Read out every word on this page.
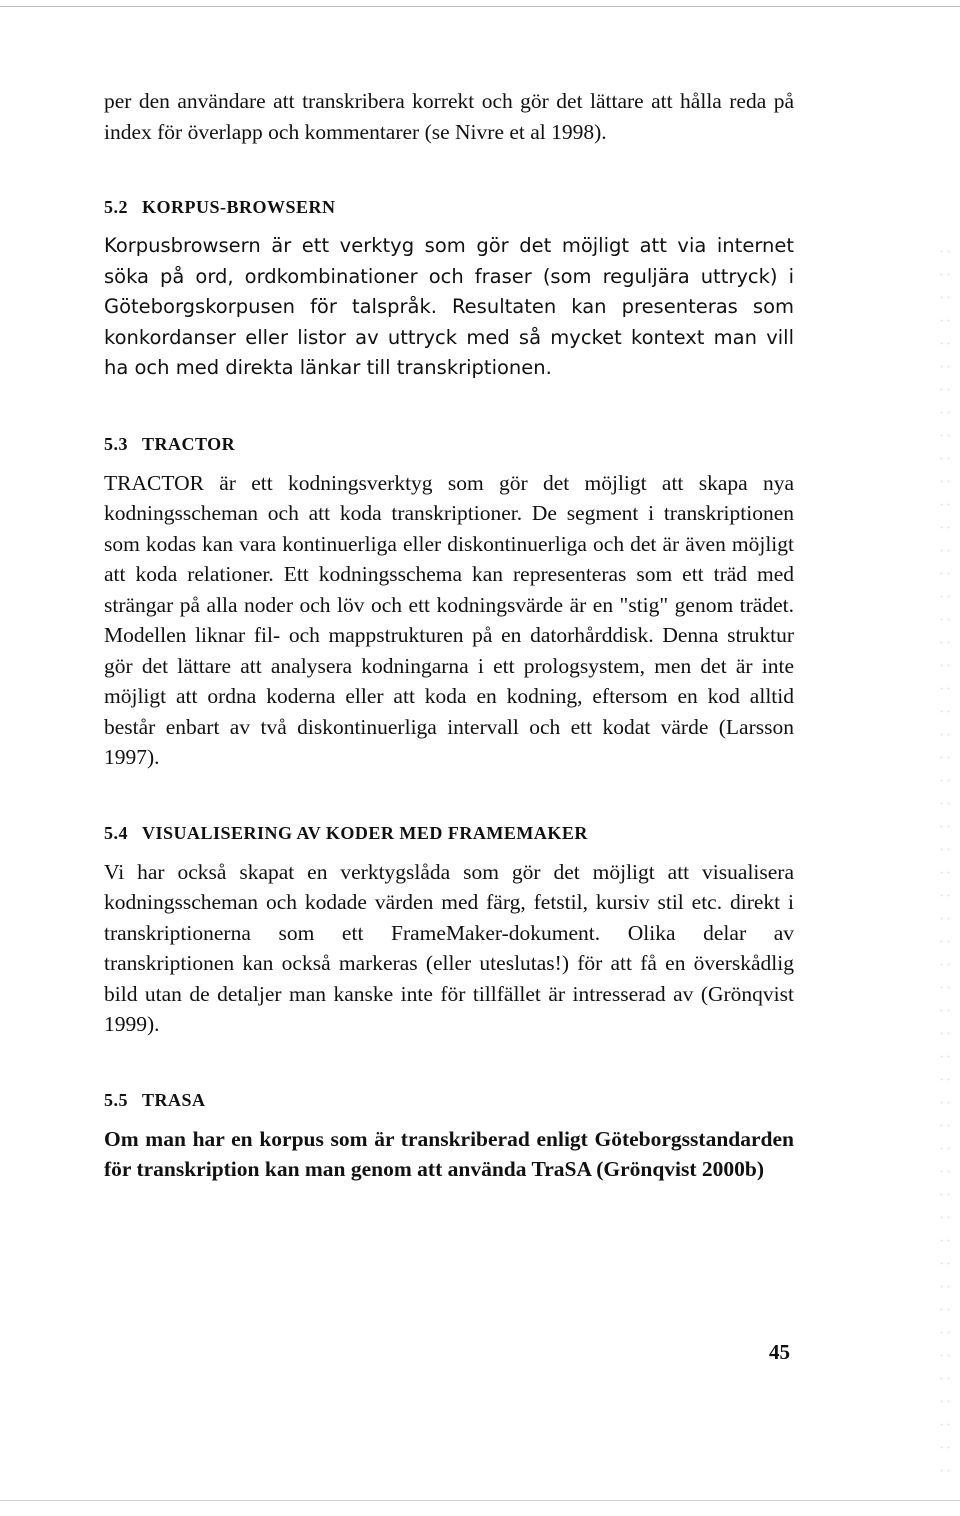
per den användare att transkribera korrekt och gör det lättare att hålla reda på index för överlapp och kommentarer (se Nivre et al 1998).

5.2 KORPUS-BROWSERN

Korpusbrowsern är ett verktyg som gör det möjligt att via internet söka på ord, ordkombinationer och fraser (som reguljära uttryck) i Göteborgskorpusen för talspråk. Resultaten kan presenteras som konkordanser eller listor av uttryck med så mycket kontext man vill ha och med direkta länkar till transkriptionen.

5.3 TRACTOR

TRACTOR är ett kodningsverktyg som gör det möjligt att skapa nya kodningsscheman och att koda transkriptioner. De segment i transkriptionen som kodas kan vara kontinuerliga eller diskontinuerliga och det är även möjligt att koda relationer. Ett kodningsschema kan representeras som ett träd med strängar på alla noder och löv och ett kodningsvärde är en "stig" genom trädet. Modellen liknar fil- och mappstrukturen på en datorhårddisk. Denna struktur gör det lättare att analysera kodningarna i ett prologsystem, men det är inte möjligt att ordna koderna eller att koda en kodning, eftersom en kod alltid består enbart av två diskontinuerliga intervall och ett kodat värde (Larsson 1997).

5.4 VISUALISERING AV KODER MED FRAMEMAKER

Vi har också skapat en verktygslåda som gör det möjligt att visualisera kodningsscheman och kodade värden med färg, fetstil, kursiv stil etc. direkt i transkriptionerna som ett FrameMaker-dokument. Olika delar av transkriptionen kan också markeras (eller uteslutas!) för att få en överskådlig bild utan de detaljer man kanske inte för tillfället är intresserad av (Grönqvist 1999).

5.5 TRASA

Om man har en korpus som är transkriberad enligt Göteborgsstandarden för transkription kan man genom att använda TraSA (Grönqvist 2000b)

45
